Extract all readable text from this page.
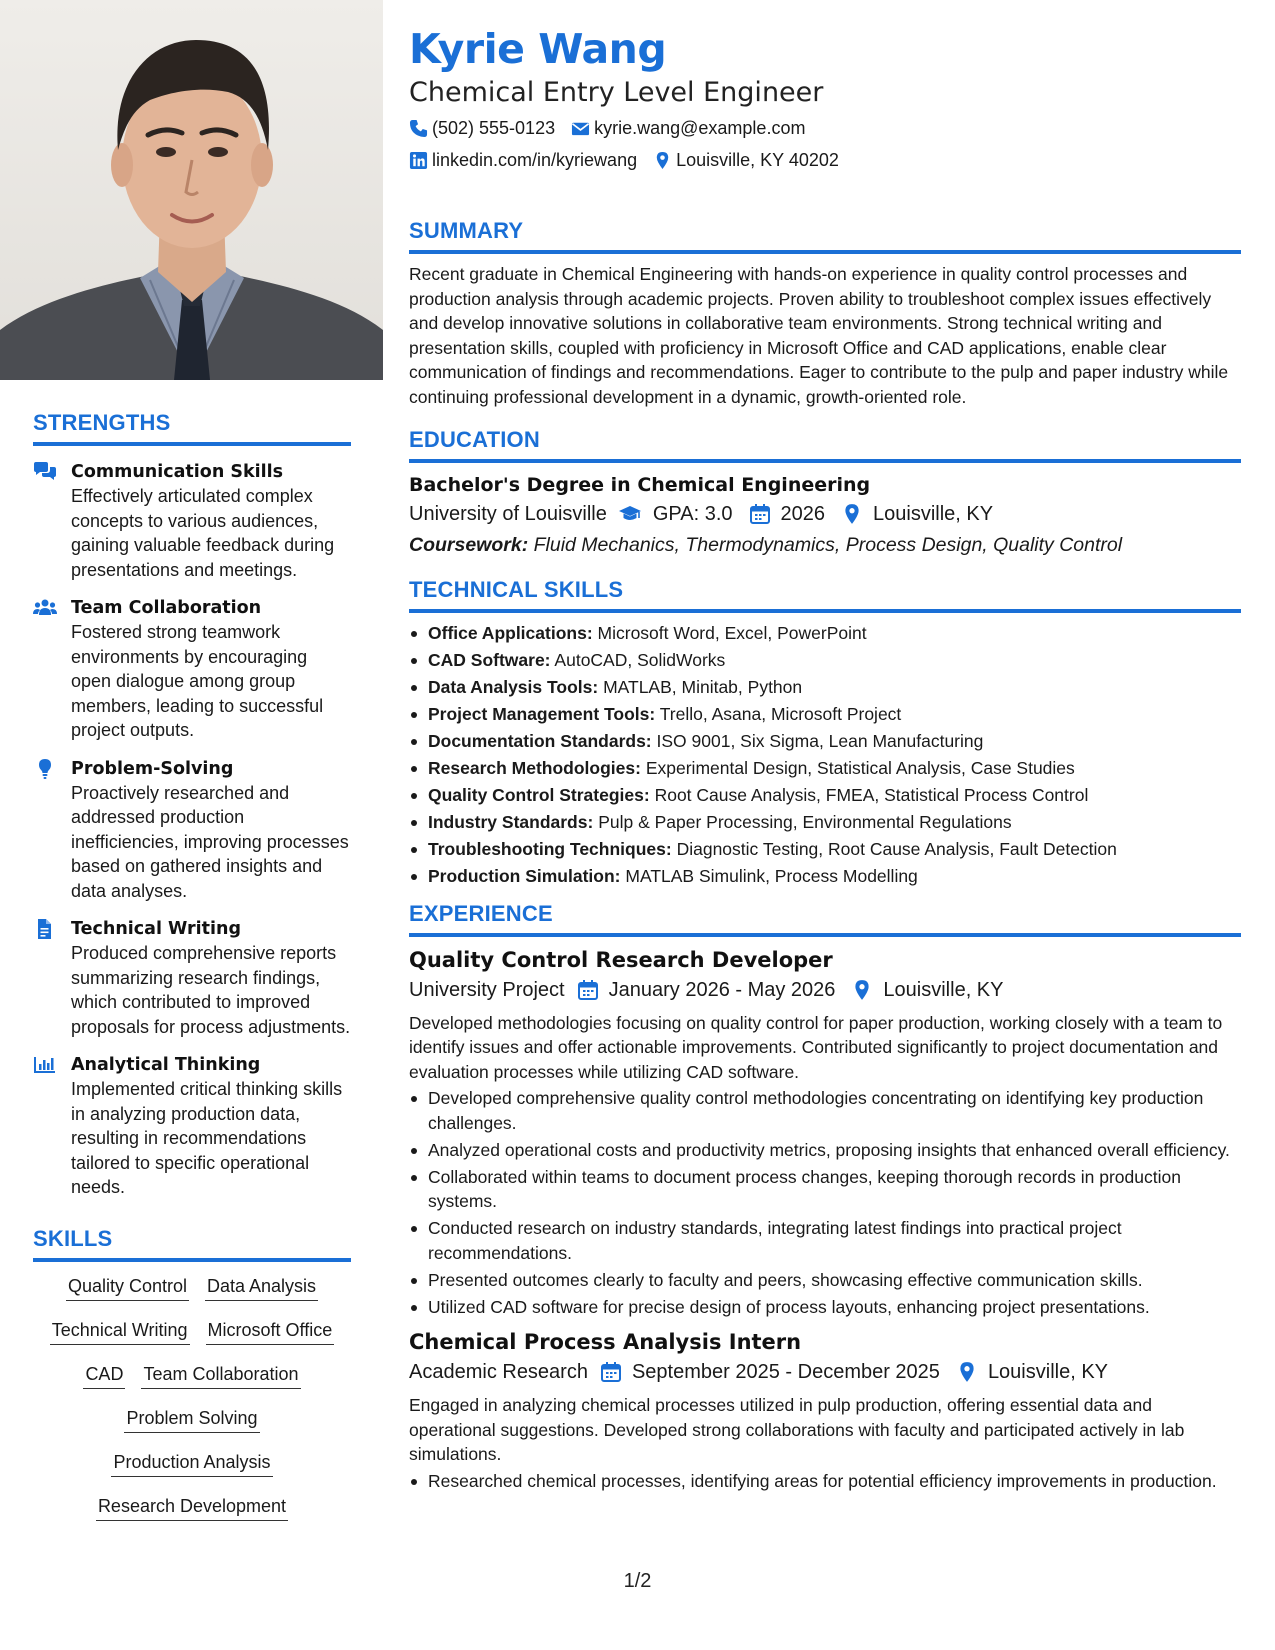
STRENGTHS
Communication Skills
Effectively articulated complex concepts to various audiences, gaining valuable feedback during presentations and meetings.
Team Collaboration
Fostered strong teamwork environments by encouraging open dialogue among group members, leading to successful project outputs.
Problem-Solving
Proactively researched and addressed production inefficiencies, improving processes based on gathered insights and data analyses.
Technical Writing
Produced comprehensive reports summarizing research findings, which contributed to improved proposals for process adjustments.
Analytical Thinking
Implemented critical thinking skills in analyzing production data, resulting in recommendations tailored to specific operational needs.
SKILLS
Quality Control Data Analysis
Technical Writing Microsoft Office
CAD Team Collaboration
Problem Solving
Production Analysis
Research Development
Kyrie Wang
Chemical Entry Level Engineer
(502) 555-0123 kyrie.wang@example.com
linkedin.com/in/kyriewang Louisville, KY 40202
SUMMARY
Recent graduate in Chemical Engineering with hands-on experience in quality control processes and production analysis through academic projects. Proven ability to troubleshoot complex issues effectively and develop innovative solutions in collaborative team environments. Strong technical writing and presentation skills, coupled with proficiency in Microsoft Office and CAD applications, enable clear communication of findings and recommendations. Eager to contribute to the pulp and paper industry while continuing professional development in a dynamic, growth-oriented role.
EDUCATION
Bachelor's Degree in Chemical Engineering
University of Louisville GPA: 3.0 2026 Louisville, KY
Coursework: Fluid Mechanics, Thermodynamics, Process Design, Quality Control
TECHNICAL SKILLS
Office Applications: Microsoft Word, Excel, PowerPoint
CAD Software: AutoCAD, SolidWorks
Data Analysis Tools: MATLAB, Minitab, Python
Project Management Tools: Trello, Asana, Microsoft Project
Documentation Standards: ISO 9001, Six Sigma, Lean Manufacturing
Research Methodologies: Experimental Design, Statistical Analysis, Case Studies
Quality Control Strategies: Root Cause Analysis, FMEA, Statistical Process Control
Industry Standards: Pulp & Paper Processing, Environmental Regulations
Troubleshooting Techniques: Diagnostic Testing, Root Cause Analysis, Fault Detection
Production Simulation: MATLAB Simulink, Process Modelling
EXPERIENCE
Quality Control Research Developer
University Project January 2026 - May 2026 Louisville, KY
Developed methodologies focusing on quality control for paper production, working closely with a team to identify issues and offer actionable improvements. Contributed significantly to project documentation and evaluation processes while utilizing CAD software.
Developed comprehensive quality control methodologies concentrating on identifying key production challenges.
Analyzed operational costs and productivity metrics, proposing insights that enhanced overall efficiency.
Collaborated within teams to document process changes, keeping thorough records in production systems.
Conducted research on industry standards, integrating latest findings into practical project recommendations.
Presented outcomes clearly to faculty and peers, showcasing effective communication skills.
Utilized CAD software for precise design of process layouts, enhancing project presentations.
Chemical Process Analysis Intern
Academic Research September 2025 - December 2025 Louisville, KY
Engaged in analyzing chemical processes utilized in pulp production, offering essential data and operational suggestions. Developed strong collaborations with faculty and participated actively in lab simulations.
Researched chemical processes, identifying areas for potential efficiency improvements in production.
1/2
